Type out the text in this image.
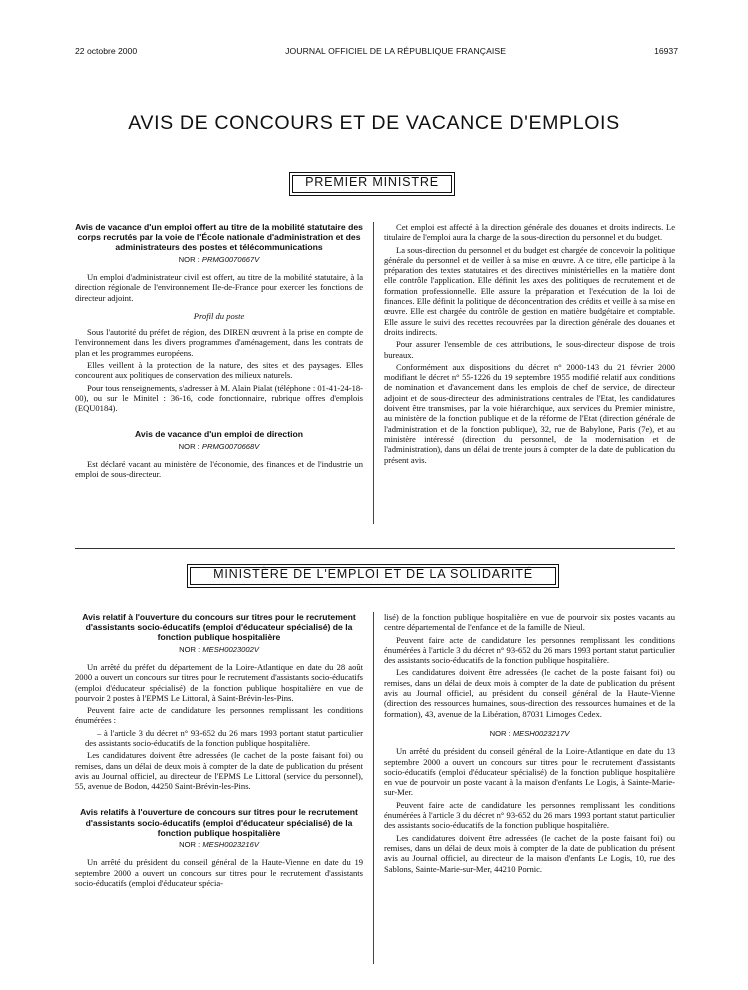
22 octobre 2000	JOURNAL OFFICIEL DE LA RÉPUBLIQUE FRANÇAISE	16937
AVIS DE CONCOURS ET DE VACANCE D'EMPLOIS
PREMIER MINISTRE
Avis de vacance d'un emploi offert au titre de la mobilité statutaire des corps recrutés par la voie de l'École nationale d'administration et des administrateurs des postes et télécommunications
NOR : PRMG0070667V

Un emploi d'administrateur civil est offert, au titre de la mobilité statutaire, à la direction régionale de l'environnement Ile-de-France pour exercer les fonctions de directeur adjoint.

Profil du poste

Sous l'autorité du préfet de région, des DIREN œuvrent à la prise en compte de l'environnement dans les divers programmes d'aménagement, dans les contrats de plan et les programmes européens.

Elles veillent à la protection de la nature, des sites et des paysages. Elles concourent aux politiques de conservation des milieux naturels.

Pour tous renseignements, s'adresser à M. Alain Pialat (téléphone : 01-41-24-18-00), ou sur le Minitel : 36-16, code fonctionnaire, rubrique offres d'emplois (EQU0184).

Avis de vacance d'un emploi de direction
NOR : PRMG0070668V

Est déclaré vacant au ministère de l'économie, des finances et de l'industrie un emploi de sous-directeur.

Cet emploi est affecté à la direction générale des douanes et droits indirects. Le titulaire de l'emploi aura la charge de la sous-direction du personnel et du budget.

La sous-direction du personnel et du budget est chargée de concevoir la politique générale du personnel et de veiller à sa mise en œuvre. A ce titre, elle participe à la préparation des textes statutaires et des directives ministérielles en la matière dont elle contrôle l'application. Elle définit les axes des politiques de recrutement et de formation professionnelle. Elle assure la préparation et l'exécution de la loi de finances. Elle définit la politique de déconcentration des crédits et veille à sa mise en œuvre. Elle est chargée du contrôle de gestion en matière budgétaire et comptable. Elle assure le suivi des recettes recouvrées par la direction générale des douanes et droits indirects.

Pour assurer l'ensemble de ces attributions, le sous-directeur dispose de trois bureaux.

Conformément aux dispositions du décret n° 2000-143 du 21 février 2000 modifiant le décret n° 55-1226 du 19 septembre 1955 modifié relatif aux conditions de nomination et d'avancement dans les emplois de chef de service, de directeur adjoint et de sous-directeur des administrations centrales de l'Etat, les candidatures doivent être transmises, par la voie hiérarchique, aux services du Premier ministre, au ministère de la fonction publique et de la réforme de l'Etat (direction générale de l'administration et de la fonction publique), 32, rue de Babylone, Paris (7e), et au ministère intéressé (direction du personnel, de la modernisation et de l'administration), dans un délai de trente jours à compter de la date de publication du présent avis.

MINISTÈRE DE L'EMPLOI ET DE LA SOLIDARITÉ
Avis relatif à l'ouverture du concours sur titres pour le recrutement d'assistants socio-éducatifs (emploi d'éducateur spécialisé) de la fonction publique hospitalière
NOR : MESH0023002V

Un arrêté du préfet du département de la Loire-Atlantique en date du 28 août 2000 a ouvert un concours sur titres pour le recrutement d'assistants socio-éducatifs (emploi d'éducateur spécialisé) de la fonction publique hospitalière en vue de pourvoir 2 postes à l'EPMS Le Littoral, à Saint-Brévin-les-Pins.

Peuvent faire acte de candidature les personnes remplissant les conditions énumérées :

– à l'article 3 du décret n° 93-652 du 26 mars 1993 portant statut particulier des assistants socio-éducatifs de la fonction publique hospitalière.

Les candidatures doivent être adressées (le cachet de la poste faisant foi) ou remises, dans un délai de deux mois à compter de la date de publication du présent avis au Journal officiel, au directeur de l'EPMS Le Littoral (service du personnel), 55, avenue de Bodon, 44250 Saint-Brévin-les-Pins.

Avis relatifs à l'ouverture de concours sur titres pour le recrutement d'assistants socio-éducatifs (emploi d'éducateur spécialisé) de la fonction publique hospitalière
NOR : MESH0023216V

Un arrêté du président du conseil général de la Haute-Vienne en date du 19 septembre 2000 a ouvert un concours sur titres pour le recrutement d'assistants socio-éducatifs (emploi d'éducateur spécia-

lisé) de la fonction publique hospitalière en vue de pourvoir six postes vacants au centre départemental de l'enfance et de la famille de Nieul.

Peuvent faire acte de candidature les personnes remplissant les conditions énumérées à l'article 3 du décret n° 93-652 du 26 mars 1993 portant statut particulier des assistants socio-éducatifs de la fonction publique hospitalière.

Les candidatures doivent être adressées (le cachet de la poste faisant foi) ou remises, dans un délai de deux mois à compter de la date de publication du présent avis au Journal officiel, au président du conseil général de la Haute-Vienne (direction des ressources humaines, sous-direction des ressources humaines et de la formation), 43, avenue de la Libération, 87031 Limoges Cedex.

NOR : MESH0023217V

Un arrêté du président du conseil général de la Loire-Atlantique en date du 13 septembre 2000 a ouvert un concours sur titres pour le recrutement d'assistants socio-éducatifs (emploi d'éducateur spécialisé) de la fonction publique hospitalière en vue de pourvoir un poste vacant à la maison d'enfants Le Logis, à Sainte-Marie-sur-Mer.

Peuvent faire acte de candidature les personnes remplissant les conditions énumérées à l'article 3 du décret n° 93-652 du 26 mars 1993 portant statut particulier des assistants socio-éducatifs de la fonction publique hospitalière.

Les candidatures doivent être adressées (le cachet de la poste faisant foi) ou remises, dans un délai de deux mois à compter de la date de publication du présent avis au Journal officiel, au directeur de la maison d'enfants Le Logis, 10, rue des Sablons, Sainte-Marie-sur-Mer, 44210 Pornic.
